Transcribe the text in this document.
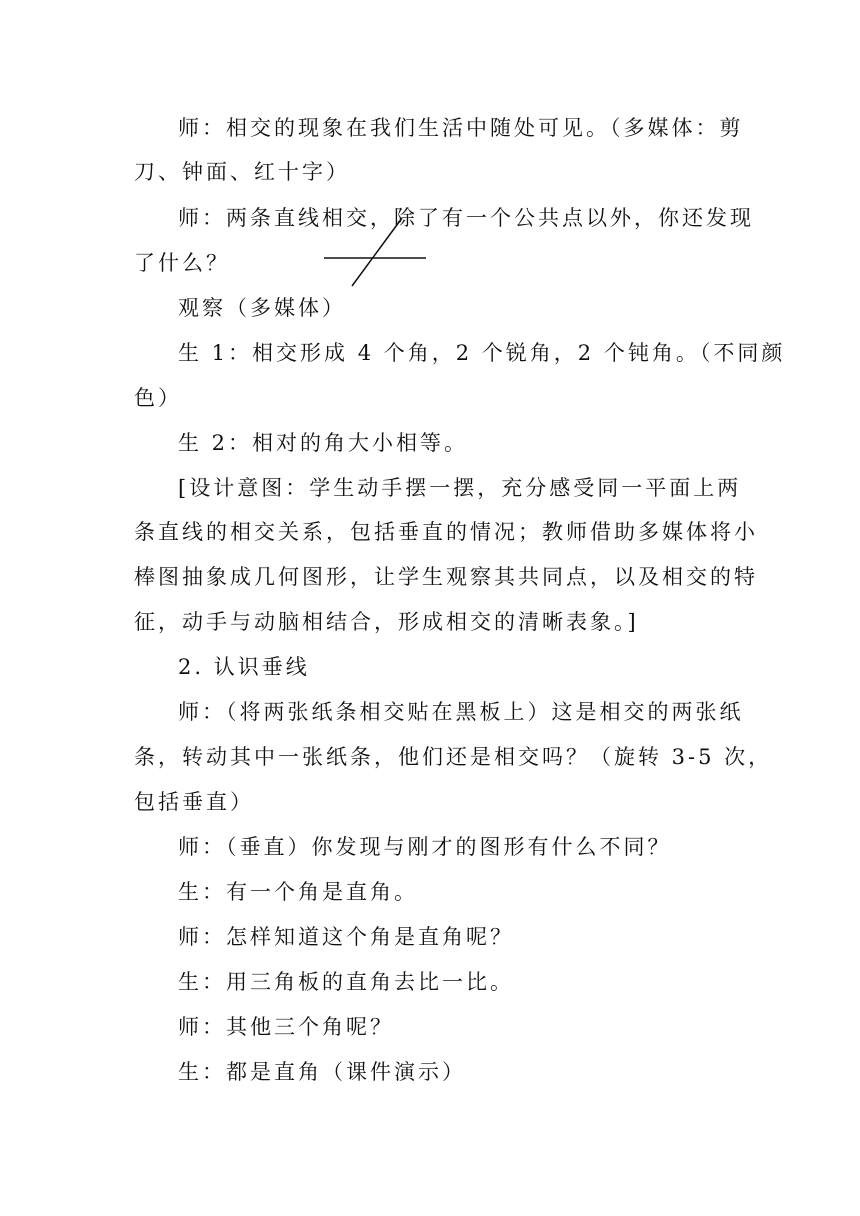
师：相交的现象在我们生活中随处可见。（多媒体：剪
刀、钟面、红十字）
师：两条直线相交，除了有一个公共点以外，你还发现
了什么？
观察（多媒体）
生 1：相交形成 4 个角，2 个锐角，2 个钝角。（不同颜
色）
生 2：相对的角大小相等。
[设计意图：学生动手摆一摆，充分感受同一平面上两
条直线的相交关系，包括垂直的情况；教师借助多媒体将小
棒图抽象成几何图形，让学生观察其共同点，以及相交的特
征，动手与动脑相结合，形成相交的清晰表象。]
2. 认识垂线
师：（将两张纸条相交贴在黑板上）这是相交的两张纸
条，转动其中一张纸条，他们还是相交吗？（旋转 3-5 次，
包括垂直）
师：（垂直）你发现与刚才的图形有什么不同？
生：有一个角是直角。
师：怎样知道这个角是直角呢？
生：用三角板的直角去比一比。
师：其他三个角呢？
生：都是直角（课件演示）
